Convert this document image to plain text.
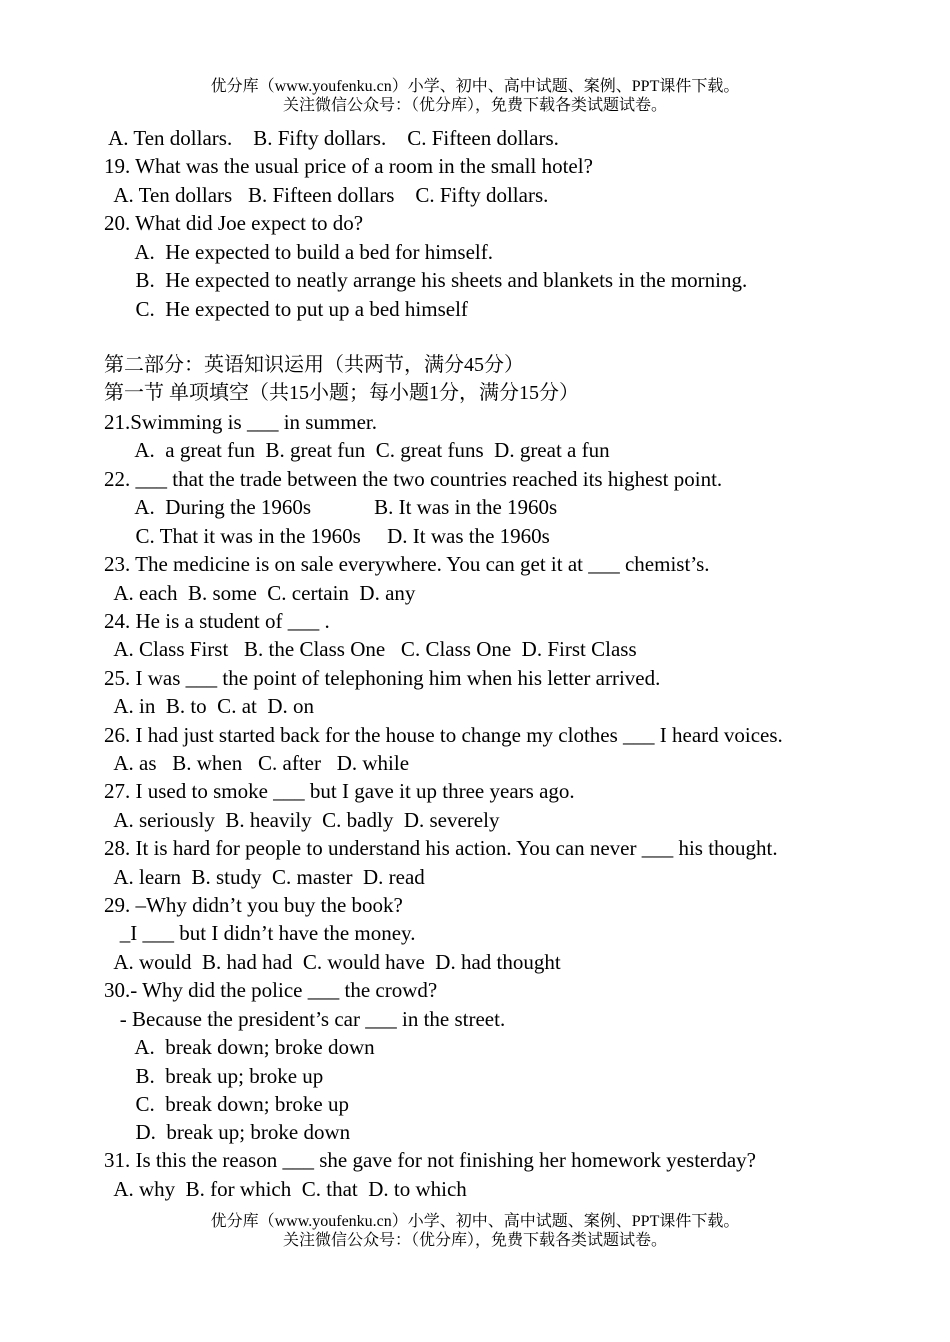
优分库（www.youfenku.cn）小学、初中、高中试题、案例、PPT课件下载。
关注微信公众号：（优分库），免费下载各类试题试卷。
A. Ten dollars.    B. Fifty dollars.    C. Fifteen dollars.
19. What was the usual price of a room in the small hotel?
A. Ten dollars   B. Fifteen dollars    C. Fifty dollars.
20. What did Joe expect to do?
A.  He expected to build a bed for himself.
B.  He expected to neatly arrange his sheets and blankets in the morning.
C.  He expected to put up a bed himself
第二部分：英语知识运用（共两节，满分45分）
第一节 单项填空（共15小题；每小题1分，满分15分）
21.Swimming is ___ in summer.
A.  a great fun  B. great fun  C. great funs  D. great a fun
22. ___ that the trade between the two countries reached its highest point.
A.  During the 1960s            B. It was in the 1960s
C. That it was in the 1960s     D. It was the 1960s
23. The medicine is on sale everywhere. You can get it at ___ chemist’s.
A. each  B. some  C. certain  D. any
24. He is a student of ___ .
A. Class First   B. the Class One   C. Class One  D. First Class
25. I was ___ the point of telephoning him when his letter arrived.
A. in  B. to  C. at  D. on
26. I had just started back for the house to change my clothes ___ I heard voices.
A. as   B. when   C. after   D. while
27. I used to smoke ___ but I gave it up three years ago.
A. seriously  B. heavily  C. badly  D. severely
28. It is hard for people to understand his action. You can never ___ his thought.
A. learn  B. study  C. master  D. read
29. –Why didn’t you buy the book?
_I ___ but I didn’t have the money.
A. would  B. had had  C. would have  D. had thought
30.- Why did the police ___ the crowd?
- Because the president’s car ___ in the street.
A.  break down; broke down
B.  break up; broke up
C.  break down; broke up
D.  break up; broke down
31. Is this the reason ___ she gave for not finishing her homework yesterday?
A. why  B. for which  C. that  D. to which
优分库（www.youfenku.cn）小学、初中、高中试题、案例、PPT课件下载。
关注微信公众号：（优分库），免费下载各类试题试卷。
